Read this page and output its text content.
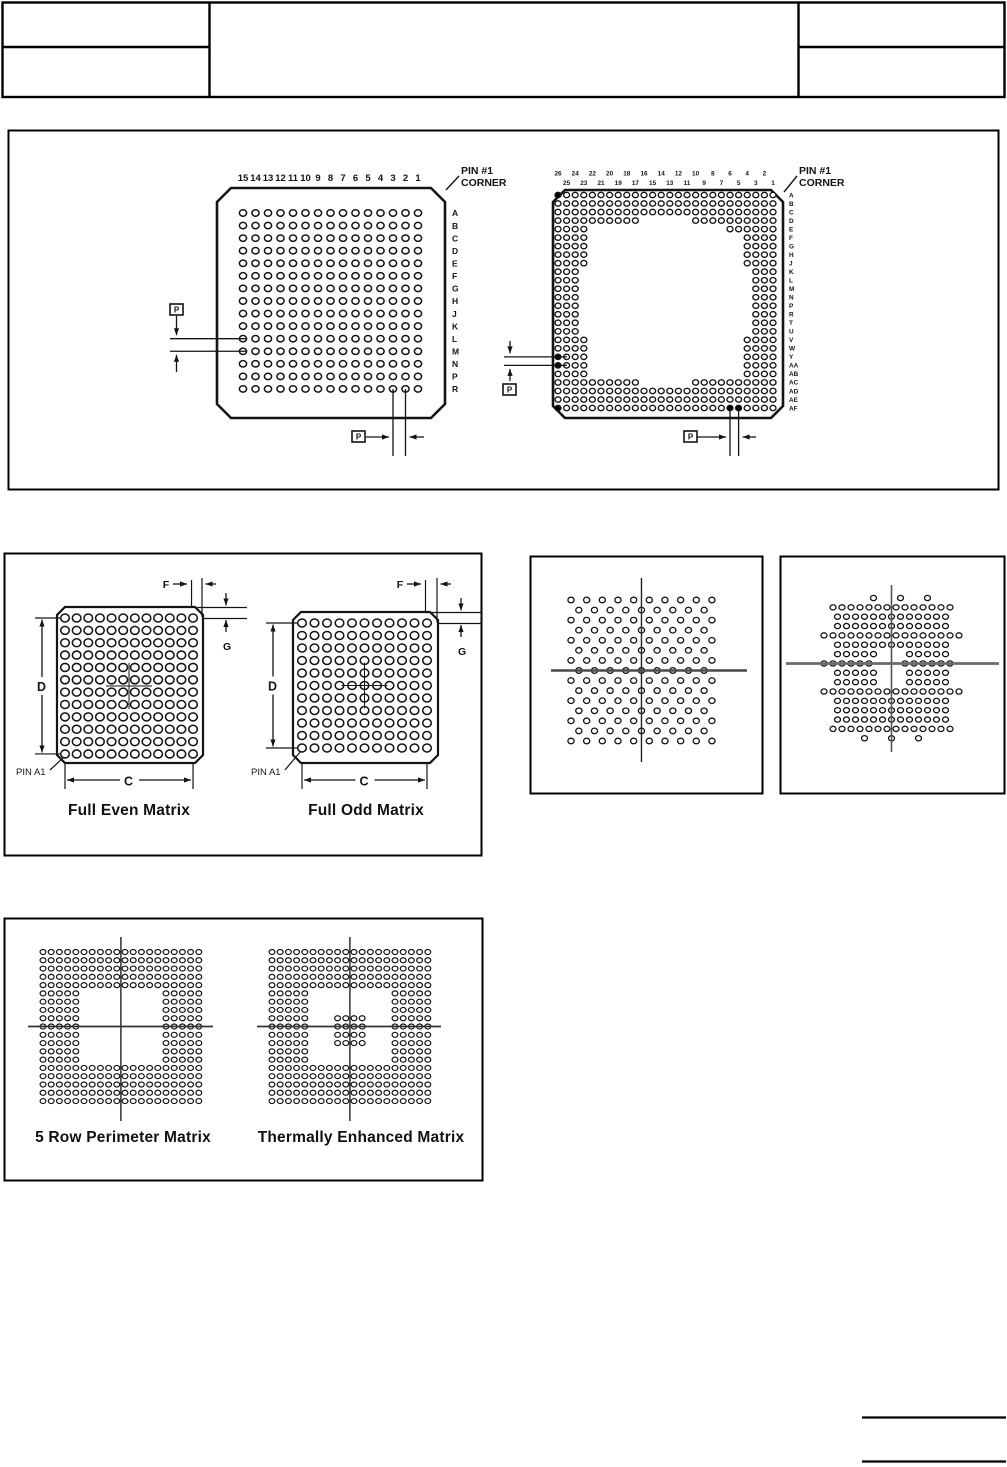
15 14 13 12 11 10 9 8 7 6 5 4 3 2 1
A
B
C
D
E
F
G
H
J
K
L
M
N
P
R
PIN #1
CORNER
P
P
26 24 22 20 18 16 14 12 10 8 6 4 2
25 23 21 19 17 15 13 11 9 7 5 3 1
A
B
C
D
E
F
G
H
J
K
L
M
N
P
R
T
U
V
W
Y
AA
AB
AC
AD
AE
AF
PIN #1
CORNER
P
P
F
G
D
C
PIN A1
F
G
D
C
PIN A1
Full Even Matrix	Full Odd Matrix
5 Row Perimeter Matrix	Thermally Enhanced Matrix
